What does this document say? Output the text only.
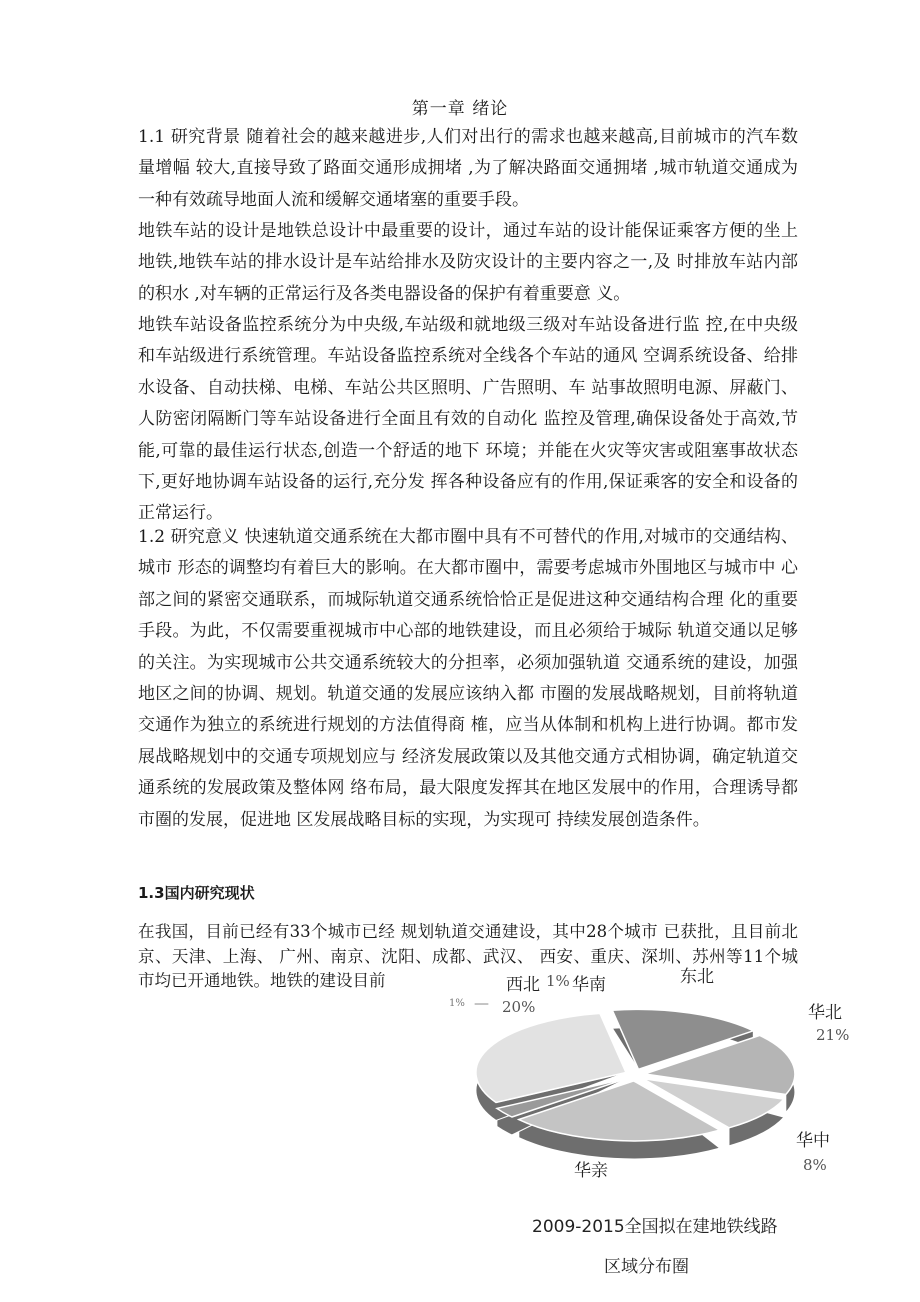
第一章 绪论

1.1 研究背景 随着社会的越来越进步,人们对出行的需求也越来越高,目前城市的汽车数量增幅 较大,直接导致了路面交通形成拥堵 ,为了解决路面交通拥堵 ,城市轨道交通成为 一种有效疏导地面人流和缓解交通堵塞的重要手段。

地铁车站的设计是地铁总设计中最重要的设计，通过车站的设计能保证乘客方便的坐上地铁,地铁车站的排水设计是车站给排水及防灾设计的主要内容之一,及 时排放车站内部的积水 ,对车辆的正常运行及各类电器设备的保护有着重要意 义。

地铁车站设备监控系统分为中央级,车站级和就地级三级对车站设备进行监 控,在中央级和车站级进行系统管理。车站设备监控系统对全线各个车站的通风 空调系统设备、给排水设备、自动扶梯、电梯、车站公共区照明、广告照明、车 站事故照明电源、屏蔽门、人防密闭隔断门等车站设备进行全面且有效的自动化 监控及管理,确保设备处于高效,节能,可靠的最佳运行状态,创造一个舒适的地下 环境；并能在火灾等灾害或阻塞事故状态下,更好地协调车站设备的运行,充分发 挥各种设备应有的作用,保证乘客的安全和设备的正常运行。

1.2 研究意义 快速轨道交通系统在大都市圈中具有不可替代的作用,对城市的交通结构、城市 形态的调整均有着巨大的影响。在大都市圈中，需要考虑城市外围地区与城市中 心部之间的紧密交通联系，而城际轨道交通系统恰恰正是促进这种交通结构合理 化的重要手段。为此，不仅需要重视城市中心部的地铁建设，而且必须给于城际 轨道交通以足够的关注。为实现城市公共交通系统较大的分担率，必须加强轨道 交通系统的建设，加强地区之间的协调、规划。轨道交通的发展应该纳入都 市圈的发展战略规划，目前将轨道交通作为独立的系统进行规划的方法值得商 榷，应当从体制和机构上进行协调。都市发展战略规划中的交通专项规划应与 经济发展政策以及其他交通方式相协调，确定轨道交通系统的发展政策及整体网 络布局，最大限度发挥其在地区发展中的作用，合理诱导都市圈的发展，促进地 区发展战略目标的实现，为实现可 持续发展创造条件。

1.3国内研究现状

在我国，目前已经有33个城市已经 规划轨道交通建设，其中28个城市 已获批，且目前北京、天津、上海、 广州、南京、沈阳、成都、武汉、 西安、重庆、深圳、苏州等11个城 市均已开通地铁。地铁的建设目前	西北 1% 华南
1% — 20%
东北
华北
21%
华中
8%
华亲
2009-2015全国拟在建地铁线路
区域分布圈
